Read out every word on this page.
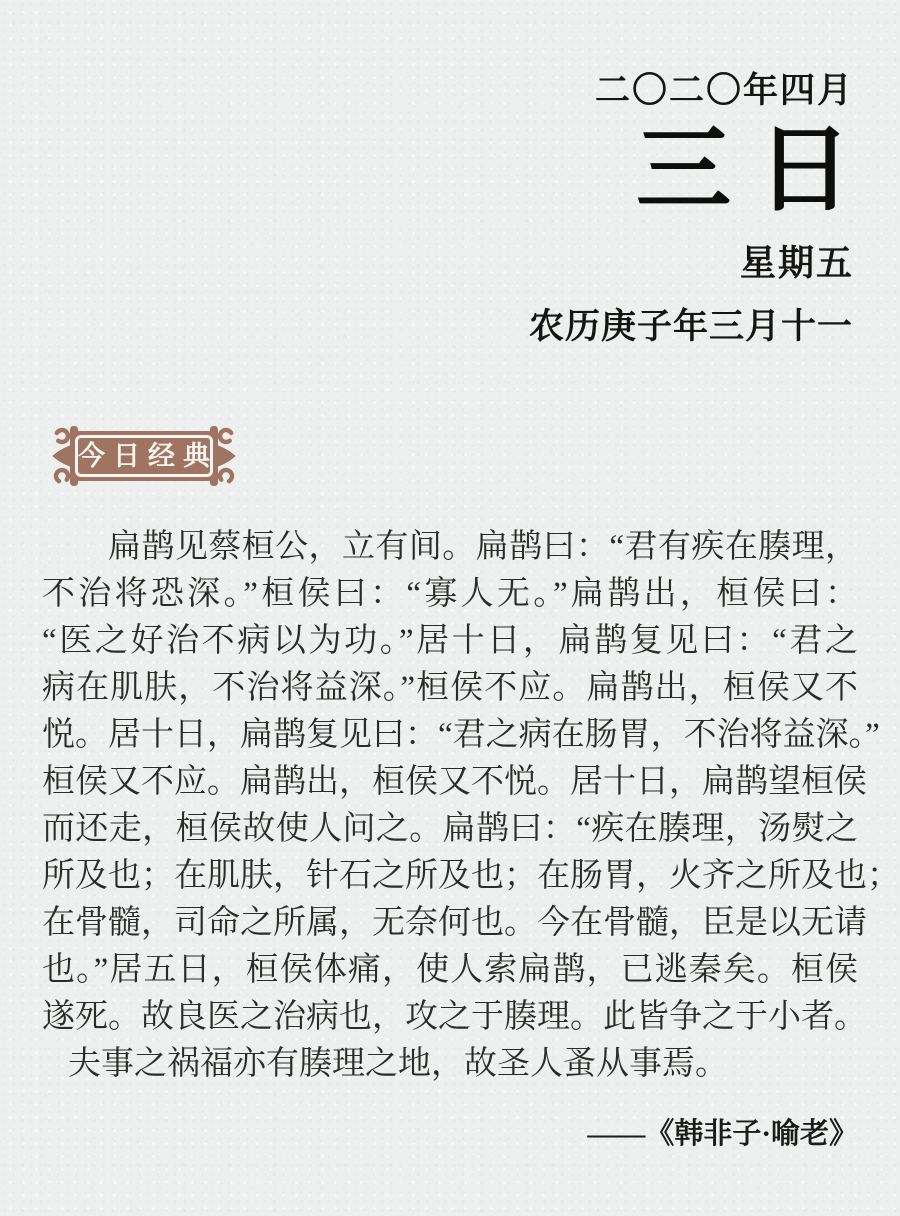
二〇二〇年四月
三日
星期五
农历庚子年三月十一
今日经典
扁鹊见蔡桓公，立有间。扁鹊曰：“君有疾在腠理，
不治将恐深。”桓侯曰：“寡人无。”扁鹊出，桓侯曰：
“医之好治不病以为功。”居十日，扁鹊复见曰：“君之
病在肌肤，不治将益深。”桓侯不应。扁鹊出，桓侯又不
悦。居十日，扁鹊复见曰：“君之病在肠胃，不治将益深。”
桓侯又不应。扁鹊出，桓侯又不悦。居十日，扁鹊望桓侯
而还走，桓侯故使人问之。扁鹊曰：“疾在腠理，汤熨之
所及也；在肌肤，针石之所及也；在肠胃，火齐之所及也；
在骨髓，司命之所属，无奈何也。今在骨髓，臣是以无请
也。”居五日，桓侯体痛，使人索扁鹊，已逃秦矣。桓侯
遂死。故良医之治病也，攻之于腠理。此皆争之于小者。
夫事之祸福亦有腠理之地，故圣人蚤从事焉。
——《韩非子·喻老》
